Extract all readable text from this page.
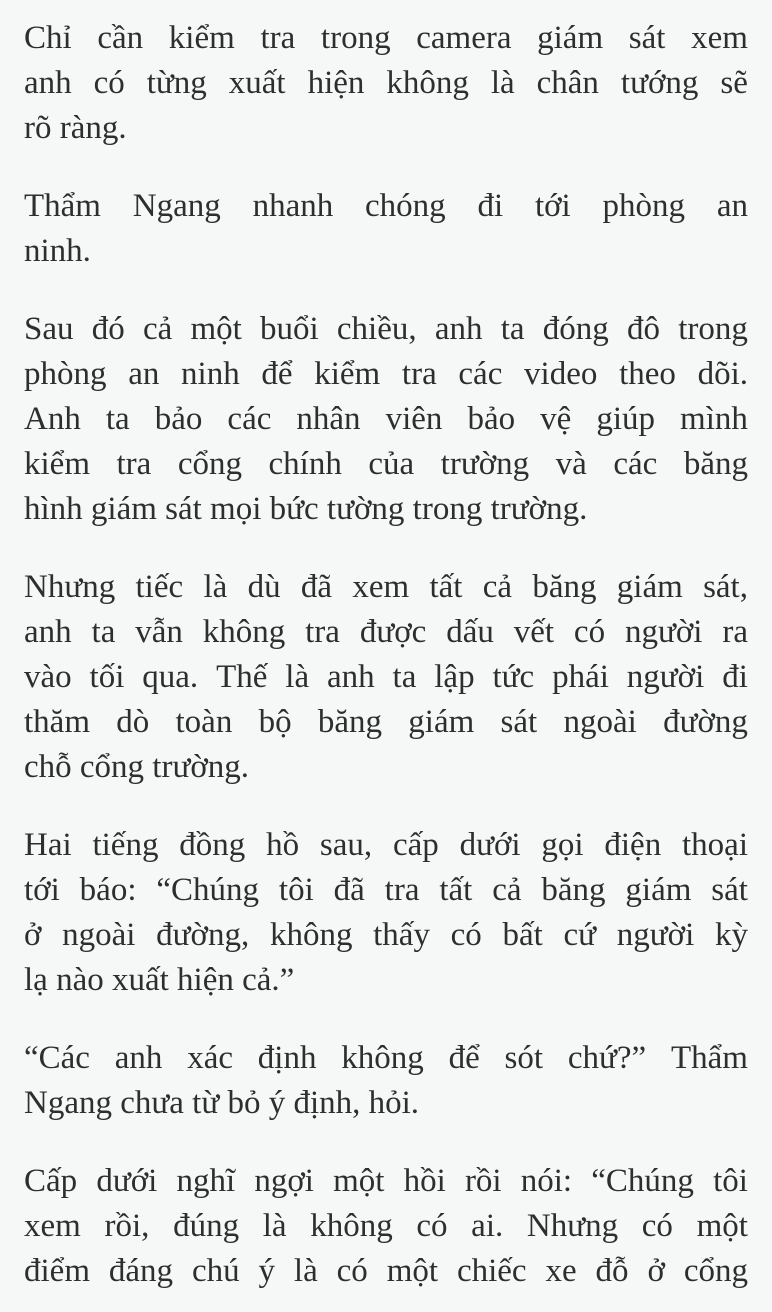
Chỉ cần kiểm tra trong camera giám sát xem
anh có từng xuất hiện không là chân tướng sẽ
rõ ràng.

Thẩm Ngang nhanh chóng đi tới phòng an
ninh.

Sau đó cả một buổi chiều, anh ta đóng đô trong
phòng an ninh để kiểm tra các video theo dõi.
Anh ta bảo các nhân viên bảo vệ giúp mình
kiểm tra cổng chính của trường và các băng
hình giám sát mọi bức tường trong trường.

Nhưng tiếc là dù đã xem tất cả băng giám sát,
anh ta vẫn không tra được dấu vết có người ra
vào tối qua. Thế là anh ta lập tức phái người đi
thăm dò toàn bộ băng giám sát ngoài đường
chỗ cổng trường.

Hai tiếng đồng hồ sau, cấp dưới gọi điện thoại
tới báo: “Chúng tôi đã tra tất cả băng giám sát
ở ngoài đường, không thấy có bất cứ người kỳ
lạ nào xuất hiện cả.”

“Các anh xác định không để sót chứ?” Thẩm
Ngang chưa từ bỏ ý định, hỏi.

Cấp dưới nghĩ ngợi một hồi rồi nói: “Chúng tôi
xem rồi, đúng là không có ai. Nhưng có một
điểm đáng chú ý là có một chiếc xe đỗ ở cổng
